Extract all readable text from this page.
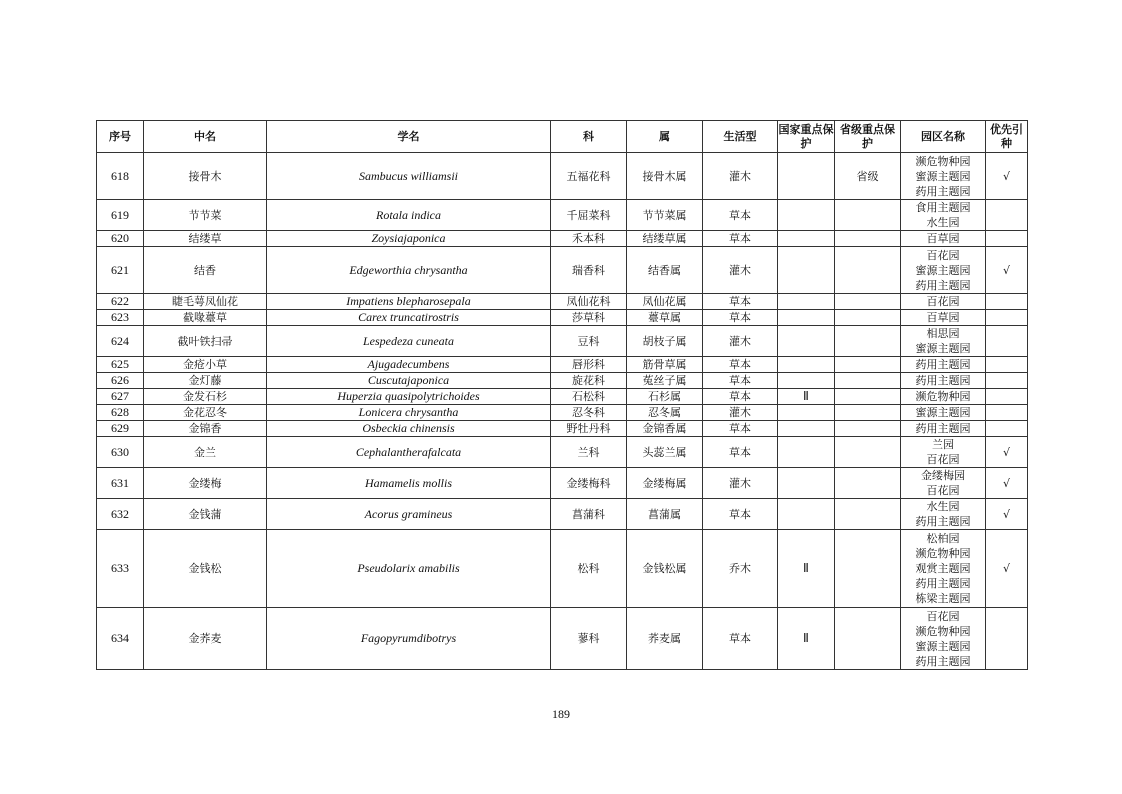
序号	中名	学名	科	属	生活型	国家重点保护	省级重点保护	园区名称	优先引种
618	接骨木	Sambucus williamsii	五福花科	接骨木属	灌木		省级	濒危物种园
蜜源主题园
药用主题园	√
619	节节菜	Rotala indica	千屈菜科	节节菜属	草本			食用主题园
水生园	

620	结缕草	Zoysiajaponica	禾本科	结缕草属	草本			百草园	

621	结香	Edgeworthia chrysantha	瑞香科	结香属	灌木			百花园
蜜源主题园
药用主题园	√
622	睫毛萼凤仙花	Impatiens blepharosepala	凤仙花科	凤仙花属	草本			百花园	

623	截喙薹草	Carex truncatirostris	莎草科	薹草属	草本			百草园	

624	截叶铁扫帚	Lespedeza cuneata	豆科	胡枝子属	灌木			相思园
蜜源主题园	

625	金疮小草	Ajugadecumbens	唇形科	筋骨草属	草本			药用主题园	

626	金灯藤	Cuscutajaponica	旋花科	菟丝子属	草本			药用主题园	

627	金发石杉	Huperzia quasipolytrichoides	石松科	石杉属	草本	Ⅱ		濒危物种园	

628	金花忍冬	Lonicera chrysantha	忍冬科	忍冬属	灌木			蜜源主题园	

629	金锦香	Osbeckia chinensis	野牡丹科	金锦香属	草本			药用主题园	

630	金兰	Cephalantherafalcata	兰科	头蕊兰属	草本			兰园
百花园	√
631	金缕梅	Hamamelis mollis	金缕梅科	金缕梅属	灌木			金缕梅园
百花园	√
632	金钱蒲	Acorus gramineus	菖蒲科	菖蒲属	草本			水生园
药用主题园	√
633	金钱松	Pseudolarix amabilis	松科	金钱松属	乔木	Ⅱ		松柏园
濒危物种园
观赏主题园
药用主题园
栋梁主题园	√
634	金荞麦	Fagopyrumdibotrys	蓼科	荞麦属	草本	Ⅱ		百花园
濒危物种园
蜜源主题园
药用主题园	

189
